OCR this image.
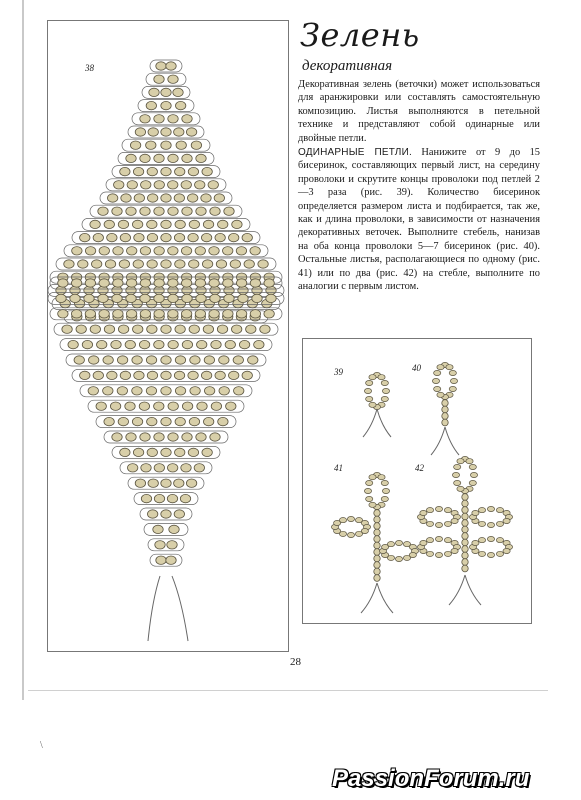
38
Зелень
декоративная

Декоративная зелень (веточки) может использоваться для аранжировки или составлять самостоятельную композицию. Листья выполняются в петельной технике и представляют собой одинарные или двойные петли.

ОДИНАРНЫЕ ПЕТЛИ. Нанижите от 9 до 15 бисеринок, составляющих первый лист, на середину проволоки и скрутите концы проволоки под петлей 2—3 раза (рис. 39). Количество бисеринок определяется размером листа и подбирается, так же, как и длина проволоки, в зависимости от назначения декоративных веточек. Выполните стебель, нанизав на оба конца проволоки 5—7 бисеринок (рис. 40). Остальные листья, располагающиеся по одному (рис. 41) или по два (рис. 42) на стебле, выполните по аналогии с первым листом.

39	40
41	42
28
\
PassionForum.ru
